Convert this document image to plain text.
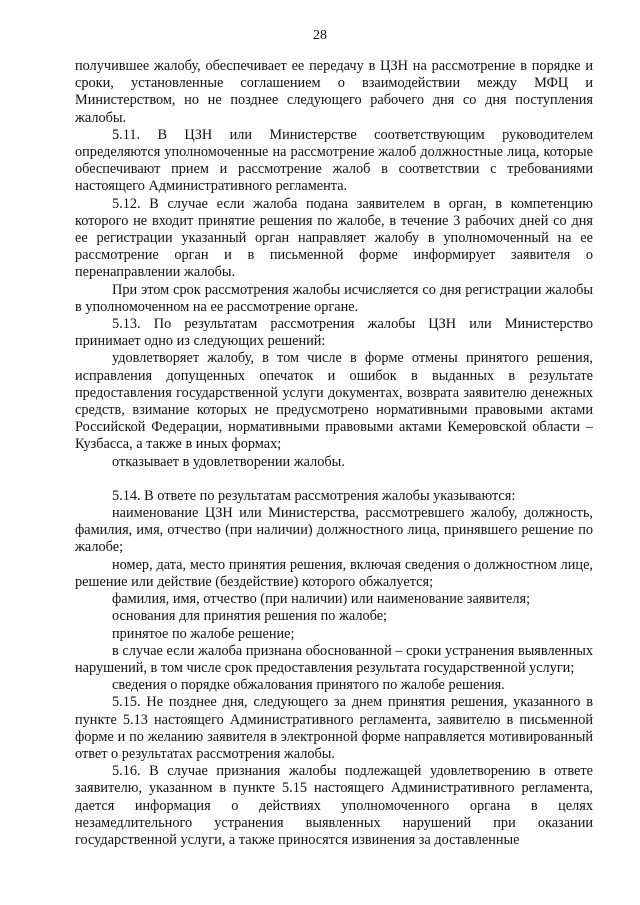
28

получившее жалобу, обеспечивает ее передачу в ЦЗН на рассмотрение в порядке и сроки, установленные соглашением о взаимодействии между МФЦ и Министерством, но не позднее следующего рабочего дня со дня поступления жалобы.

5.11. В ЦЗН или Министерстве соответствующим руководителем определяются уполномоченные на рассмотрение жалоб должностные лица, которые обеспечивают прием и рассмотрение жалоб в соответствии с требованиями настоящего Административного регламента.

5.12. В случае если жалоба подана заявителем в орган, в компетенцию которого не входит принятие решения по жалобе, в течение 3 рабочих дней со дня ее регистрации указанный орган направляет жалобу в уполномоченный на ее рассмотрение орган и в письменной форме информирует заявителя о перенаправлении жалобы.

При этом срок рассмотрения жалобы исчисляется со дня регистрации жалобы в уполномоченном на ее рассмотрение органе.

5.13. По результатам рассмотрения жалобы ЦЗН или Министерство принимает одно из следующих решений:

удовлетворяет жалобу, в том числе в форме отмены принятого решения, исправления допущенных опечаток и ошибок в выданных в результате предоставления государственной услуги документах, возврата заявителю денежных средств, взимание которых не предусмотрено нормативными правовыми актами Российской Федерации, нормативными правовыми актами Кемеровской области – Кузбасса, а также в иных формах;

отказывает в удовлетворении жалобы.

5.14. В ответе по результатам рассмотрения жалобы указываются:

наименование ЦЗН или Министерства, рассмотревшего жалобу, должность, фамилия, имя, отчество (при наличии) должностного лица, принявшего решение по жалобе;

номер, дата, место принятия решения, включая сведения о должностном лице, решение или действие (бездействие) которого обжалуется;

фамилия, имя, отчество (при наличии) или наименование заявителя;

основания для принятия решения по жалобе;

принятое по жалобе решение;

в случае если жалоба признана обоснованной – сроки устранения выявленных нарушений, в том числе срок предоставления результата государственной услуги;

сведения о порядке обжалования принятого по жалобе решения.

5.15. Не позднее дня, следующего за днем принятия решения, указанного в пункте 5.13 настоящего Административного регламента, заявителю в письменной форме и по желанию заявителя в электронной форме направляется мотивированный ответ о результатах рассмотрения жалобы.

5.16. В случае признания жалобы подлежащей удовлетворению в ответе заявителю, указанном в пункте 5.15 настоящего Административного регламента, дается информация о действиях уполномоченного органа в целях незамедлительного устранения выявленных нарушений при оказании государственной услуги, а также приносятся извинения за доставленные
